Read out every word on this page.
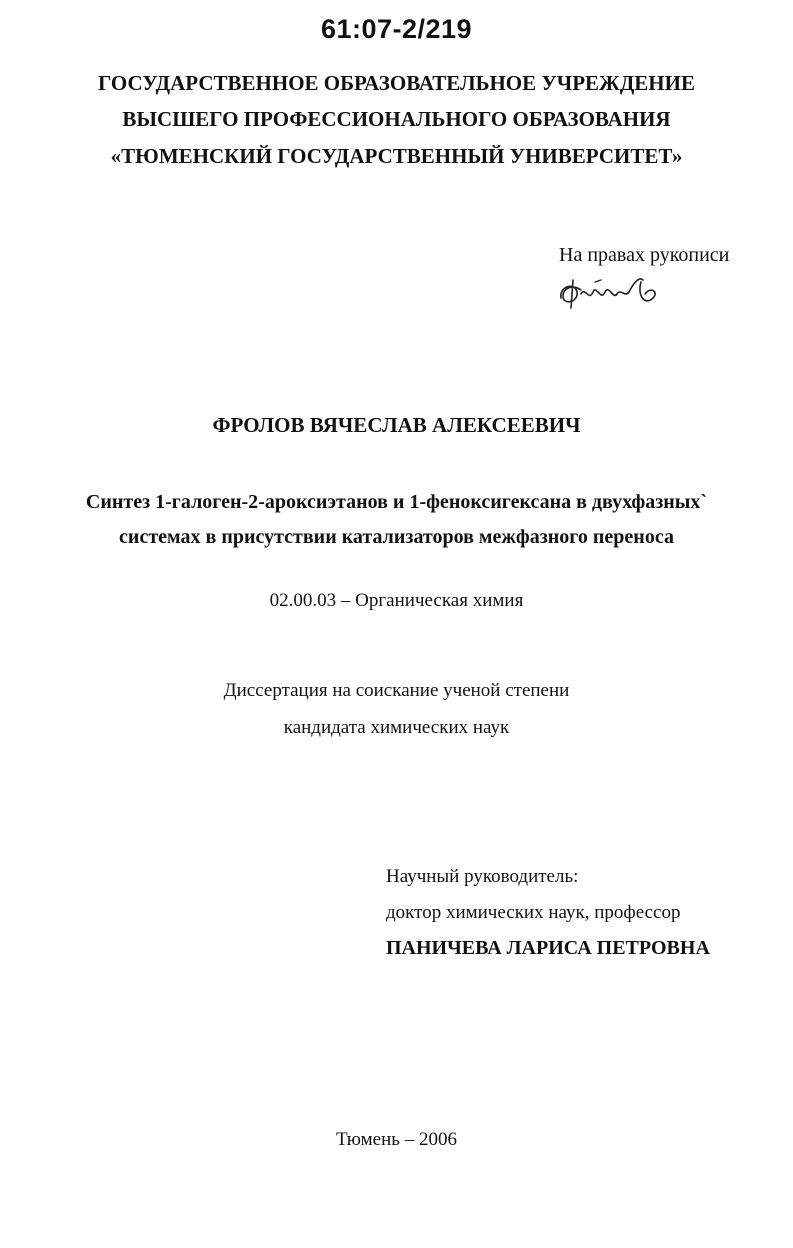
61:07-2/219
ГОСУДАРСТВЕННОЕ ОБРАЗОВАТЕЛЬНОЕ УЧРЕЖДЕНИЕ
ВЫСШЕГО ПРОФЕССИОНАЛЬНОГО ОБРАЗОВАНИЯ
«ТЮМЕНСКИЙ ГОСУДАРСТВЕННЫЙ УНИВЕРСИТЕТ»
На правах рукописи
ФРОЛОВ ВЯЧЕСЛАВ АЛЕКСЕЕВИЧ
Синтез 1-галоген-2-ароксиэтанов и 1-феноксигексана в двухфазных`
системах в присутствии катализаторов межфазного переноса
02.00.03 – Органическая химия
Диссертация на соискание ученой степени
кандидата химических наук
Научный руководитель:
доктор химических наук, профессор
ПАНИЧЕВА ЛАРИСА ПЕТРОВНА
Тюмень – 2006
